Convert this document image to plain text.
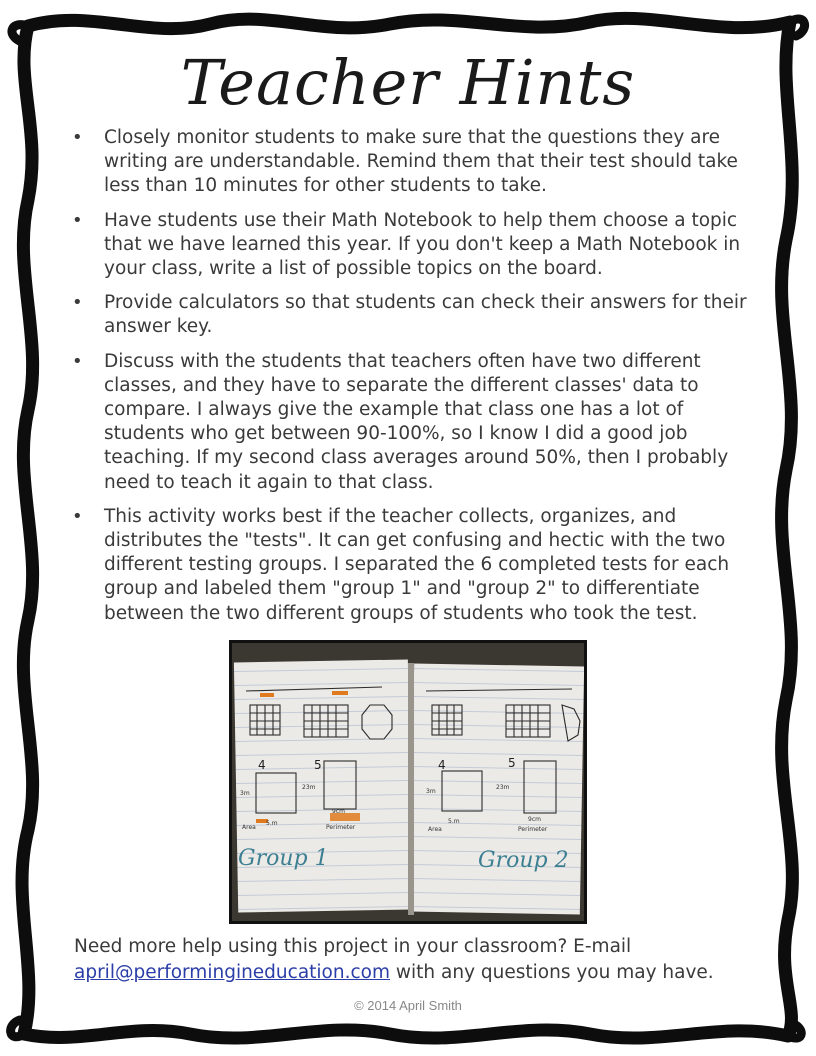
Teacher Hints
• Closely monitor students to make sure that the questions they are writing are understandable. Remind them that their test should take less than 10 minutes for other students to take.
• Have students use their Math Notebook to help them choose a topic that we have learned this year. If you don't keep a Math Notebook in your class, write a list of possible topics on the board.
• Provide calculators so that students can check their answers for their answer key.
• Discuss with the students that teachers often have two different classes, and they have to separate the different classes' data to compare. I always give the example that class one has a lot of students who get between 90-100%, so I know I did a good job teaching. If my second class averages around 50%, then I probably need to teach it again to that class.
• This activity works best if the teacher collects, organizes, and distributes the "tests". It can get confusing and hectic with the two different testing groups. I separated the 6 completed tests for each group and labeled them "group 1" and "group 2" to differentiate between the two different groups of students who took the test.
4	5
3m
23m
5.m
9cm
Area	Perimeter
Group 1
4	5
3m
23m
5.m	9cm
Area	Perimeter
Group 2
Need more help using this project in your classroom? E-mail
april@performingineducation.com with any questions you may have.
© 2014 April Smith
